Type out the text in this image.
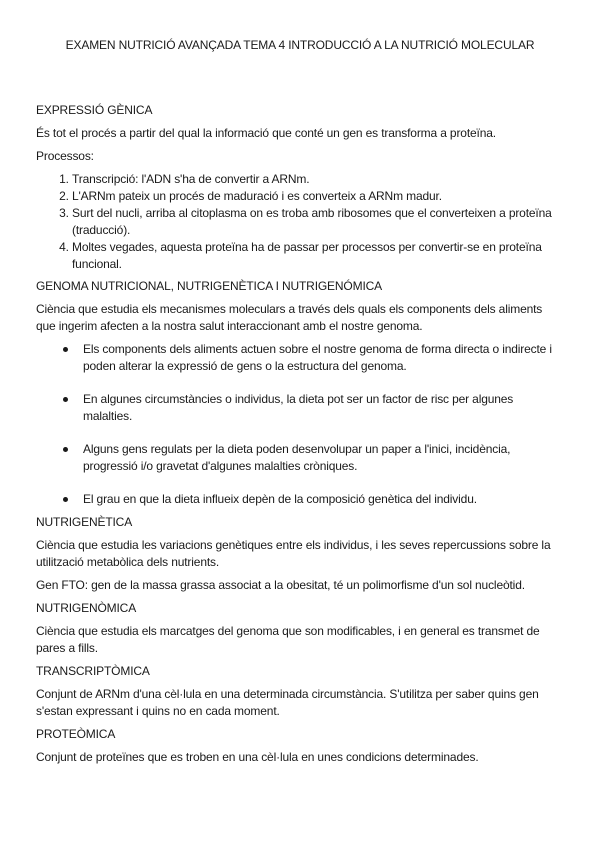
EXAMEN NUTRICIÓ AVANÇADA TEMA 4 INTRODUCCIÓ A LA NUTRICIÓ MOLECULAR
EXPRESSIÓ GÈNICA

És tot el procés a partir del qual la informació que conté un gen es transforma a proteïna.

Processos:

1. Transcripció: l'ADN s'ha de convertir a ARNm.
2. L'ARNm pateix un procés de maduració i es converteix a ARNm madur.
3. Surt del nucli, arriba al citoplasma on es troba amb ribosomes que el converteixen a proteïna (traducció).
4. Moltes vegades, aquesta proteïna ha de passar per processos per convertir-se en proteïna funcional.
GENOMA NUTRICIONAL, NUTRIGENÈTICA I NUTRIGENÓMICA

Ciència que estudia els mecanismes moleculars a través dels quals els components dels aliments que ingerim afecten a la nostra salut interaccionant amb el nostre genoma.

Els components dels aliments actuen sobre el nostre genoma de forma directa o indirecte i poden alterar la expressió de gens o la estructura del genoma.
En algunes circumstàncies o individus, la dieta pot ser un factor de risc per algunes malalties.
Alguns gens regulats per la dieta poden desenvolupar un paper a l'inici, incidència, progressió i/o gravetat d'algunes malalties cròniques.
El grau en que la dieta influeix depèn de la composició genètica del individu.
NUTRIGENÈTICA

Ciència que estudia les variacions genètiques entre els individus, i les seves repercussions sobre la utilització metabòlica dels nutrients.

Gen FTO: gen de la massa grassa associat a la obesitat, té un polimorfisme d'un sol nucleòtid.

NUTRIGENÒMICA

Ciència que estudia els marcatges del genoma que son modificables, i en general es transmet de pares a fills.

TRANSCRIPTÒMICA

Conjunt de ARNm d'una cèl·lula en una determinada circumstància. S'utilitza per saber quins gen s'estan expressant i quins no en cada moment.

PROTEÒMICA

Conjunt de proteïnes que es troben en una cèl·lula en unes condicions determinades.
